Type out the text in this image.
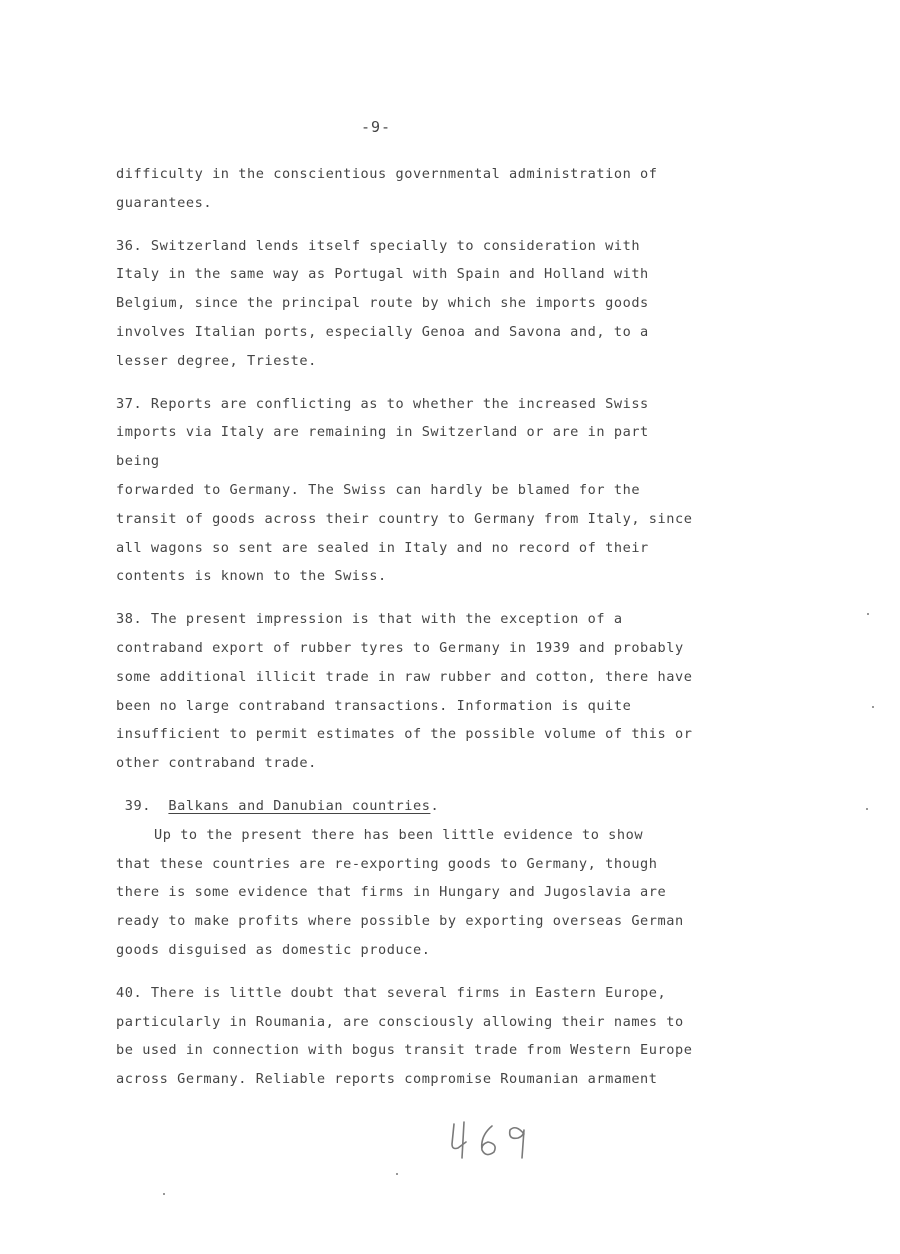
-9-

difficulty in the conscientious governmental administration of
guarantees.

36. Switzerland lends itself specially to consideration with
Italy in the same way as Portugal with Spain and Holland with
Belgium, since the principal route by which she imports goods
involves Italian ports, especially Genoa and Savona and, to a
lesser degree, Trieste.

37. Reports are conflicting as to whether the increased Swiss
imports via Italy are remaining in Switzerland or are in part being
forwarded to Germany. The Swiss can hardly be blamed for the
transit of goods across their country to Germany from Italy, since
all wagons so sent are sealed in Italy and no record of their
contents is known to the Swiss.

38. The present impression is that with the exception of a
contraband export of rubber tyres to Germany in 1939 and probably
some additional illicit trade in raw rubber and cotton, there have
been no large contraband transactions. Information is quite
insufficient to permit estimates of the possible volume of this or
other contraband trade.

39.  Balkans and Danubian countries.

Up to the present there has been little evidence to show
that these countries are re-exporting goods to Germany, though
there is some evidence that firms in Hungary and Jugoslavia are
ready to make profits where possible by exporting overseas German
goods disguised as domestic produce.

40. There is little doubt that several firms in Eastern Europe,
particularly in Roumania, are consciously allowing their names to
be used in connection with bogus transit trade from Western Europe
across Germany. Reliable reports compromise Roumanian armament
